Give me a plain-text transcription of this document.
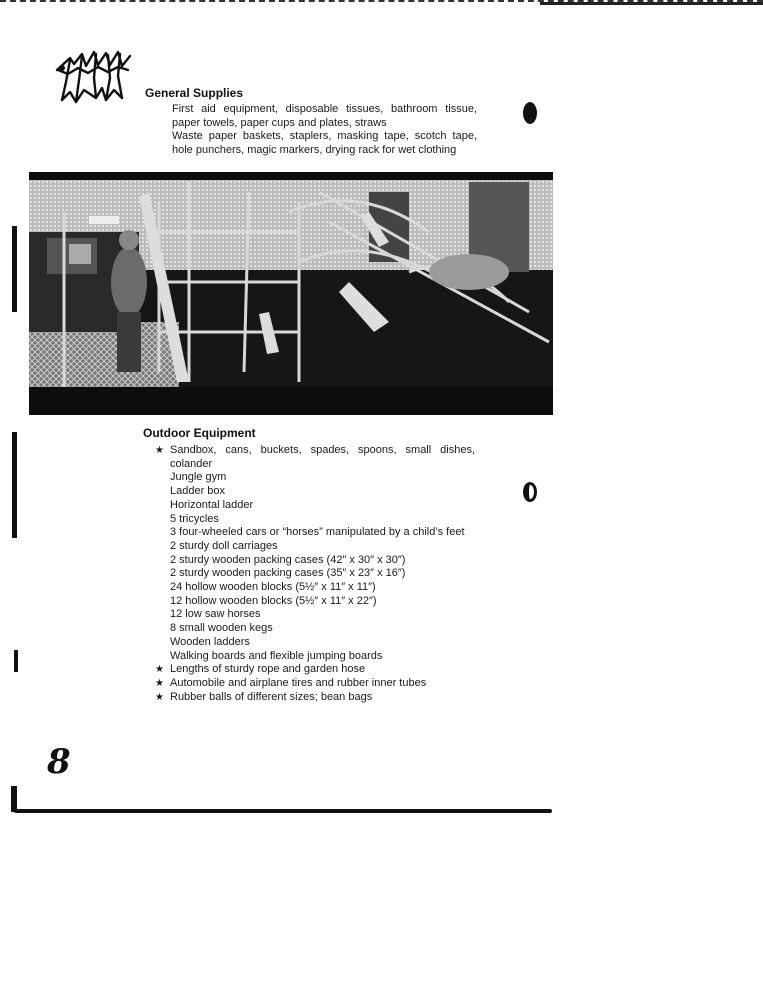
General Supplies

First aid equipment, disposable tissues, bathroom tissue, paper towels, paper cups and plates, straws

Waste paper baskets, staplers, masking tape, scotch tape, hole punchers, magic markers, drying rack for wet clothing

Outdoor Equipment
★ Sandbox, cans, buckets, spades, spoons, small dishes, colander
Jungle gym
Ladder box
Horizontal ladder
5 tricycles
3 four-wheeled cars or “horses” manipulated by a child’s feet
2 sturdy doll carriages
2 sturdy wooden packing cases (42″ x 30″ x 30″)
2 sturdy wooden packing cases (35″ x 23″ x 16″)
24 hollow wooden blocks (5½″ x 11″ x 11″)
12 hollow wooden blocks (5½″ x 11″ x 22″)
12 low saw horses
8 small wooden kegs
Wooden ladders
Walking boards and flexible jumping boards
★ Lengths of sturdy rope and garden hose
★ Automobile and airplane tires and rubber inner tubes
★ Rubber balls of different sizes; bean bags
8
